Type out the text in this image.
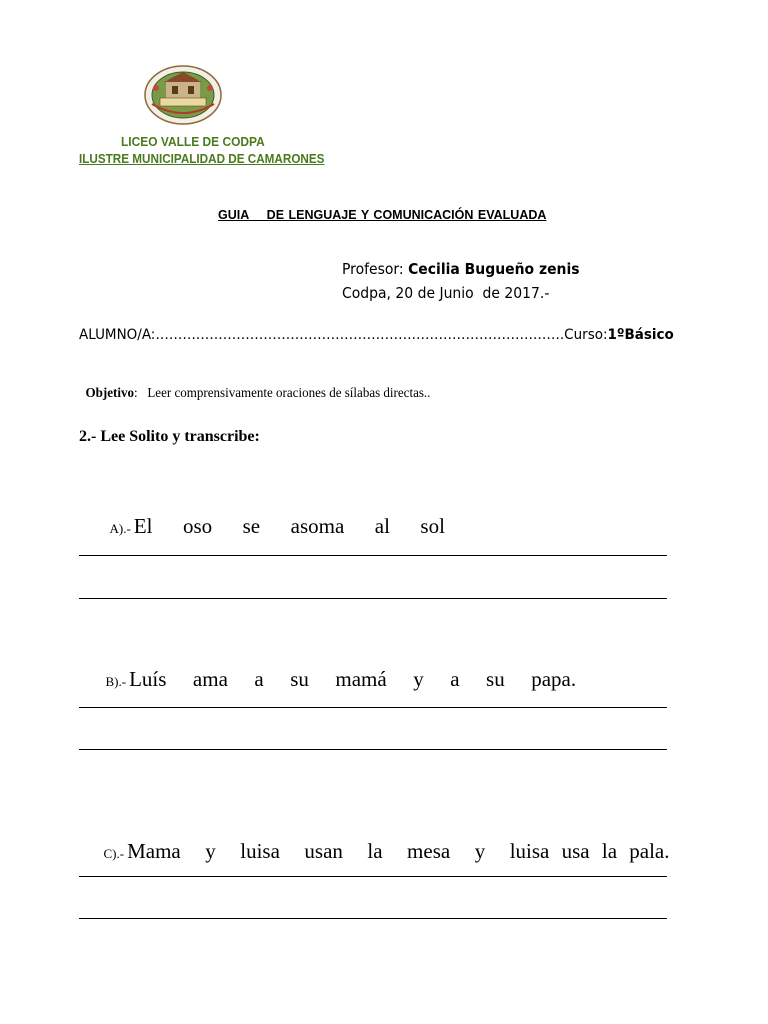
LICEO VALLE DE CODPA
ILUSTRE MUNICIPALIDAD DE CAMARONES
GUIA    DE LENGUAJE Y COMUNICACIÓN EVALUADA
Profesor: Cecilia Bugueño zenis
Codpa, 20 de Junio  de 2017.-
ALUMNO/A:……………………………………………………………………………….Curso:1ºBásico

Objetivo:   Leer comprensivamente oraciones de sílabas directas..

2.- Lee Solito y transcribe:

A).- El  oso  se  asoma  al  sol

B).- Luís  ama  a  su  mamá  y  a  su  papa.

C).- Mama  y  luisa  usan  la  mesa  y  luisa usa la pala.
